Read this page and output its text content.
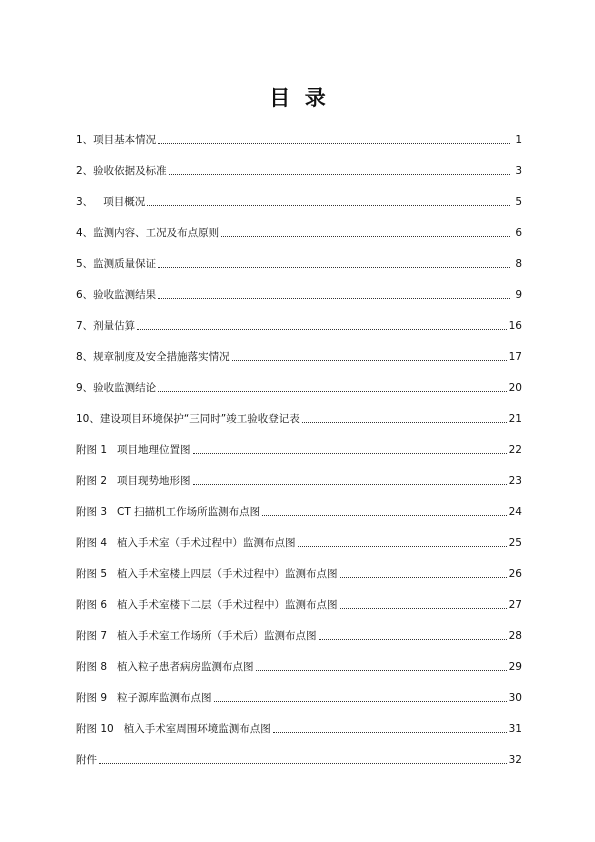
目  录
1、项目基本情况	1
2、验收依据及标准	3
3、   项目概况	5
4、监测内容、工况及布点原则	6
5、监测质量保证	8
6、验收监测结果	9
7、剂量估算	16
8、规章制度及安全措施落实情况	17
9、验收监测结论	20
10、建设项目环境保护“三同时”竣工验收登记表	21
附图 1   项目地理位置图	22
附图 2   项目现势地形图	23
附图 3   CT 扫描机工作场所监测布点图	24
附图 4   植入手术室（手术过程中）监测布点图	25
附图 5   植入手术室楼上四层（手术过程中）监测布点图	26
附图 6   植入手术室楼下二层（手术过程中）监测布点图	27
附图 7   植入手术室工作场所（手术后）监测布点图	28
附图 8   植入粒子患者病房监测布点图	29
附图 9   粒子源库监测布点图	30
附图 10   植入手术室周围环境监测布点图	31
附件	32
